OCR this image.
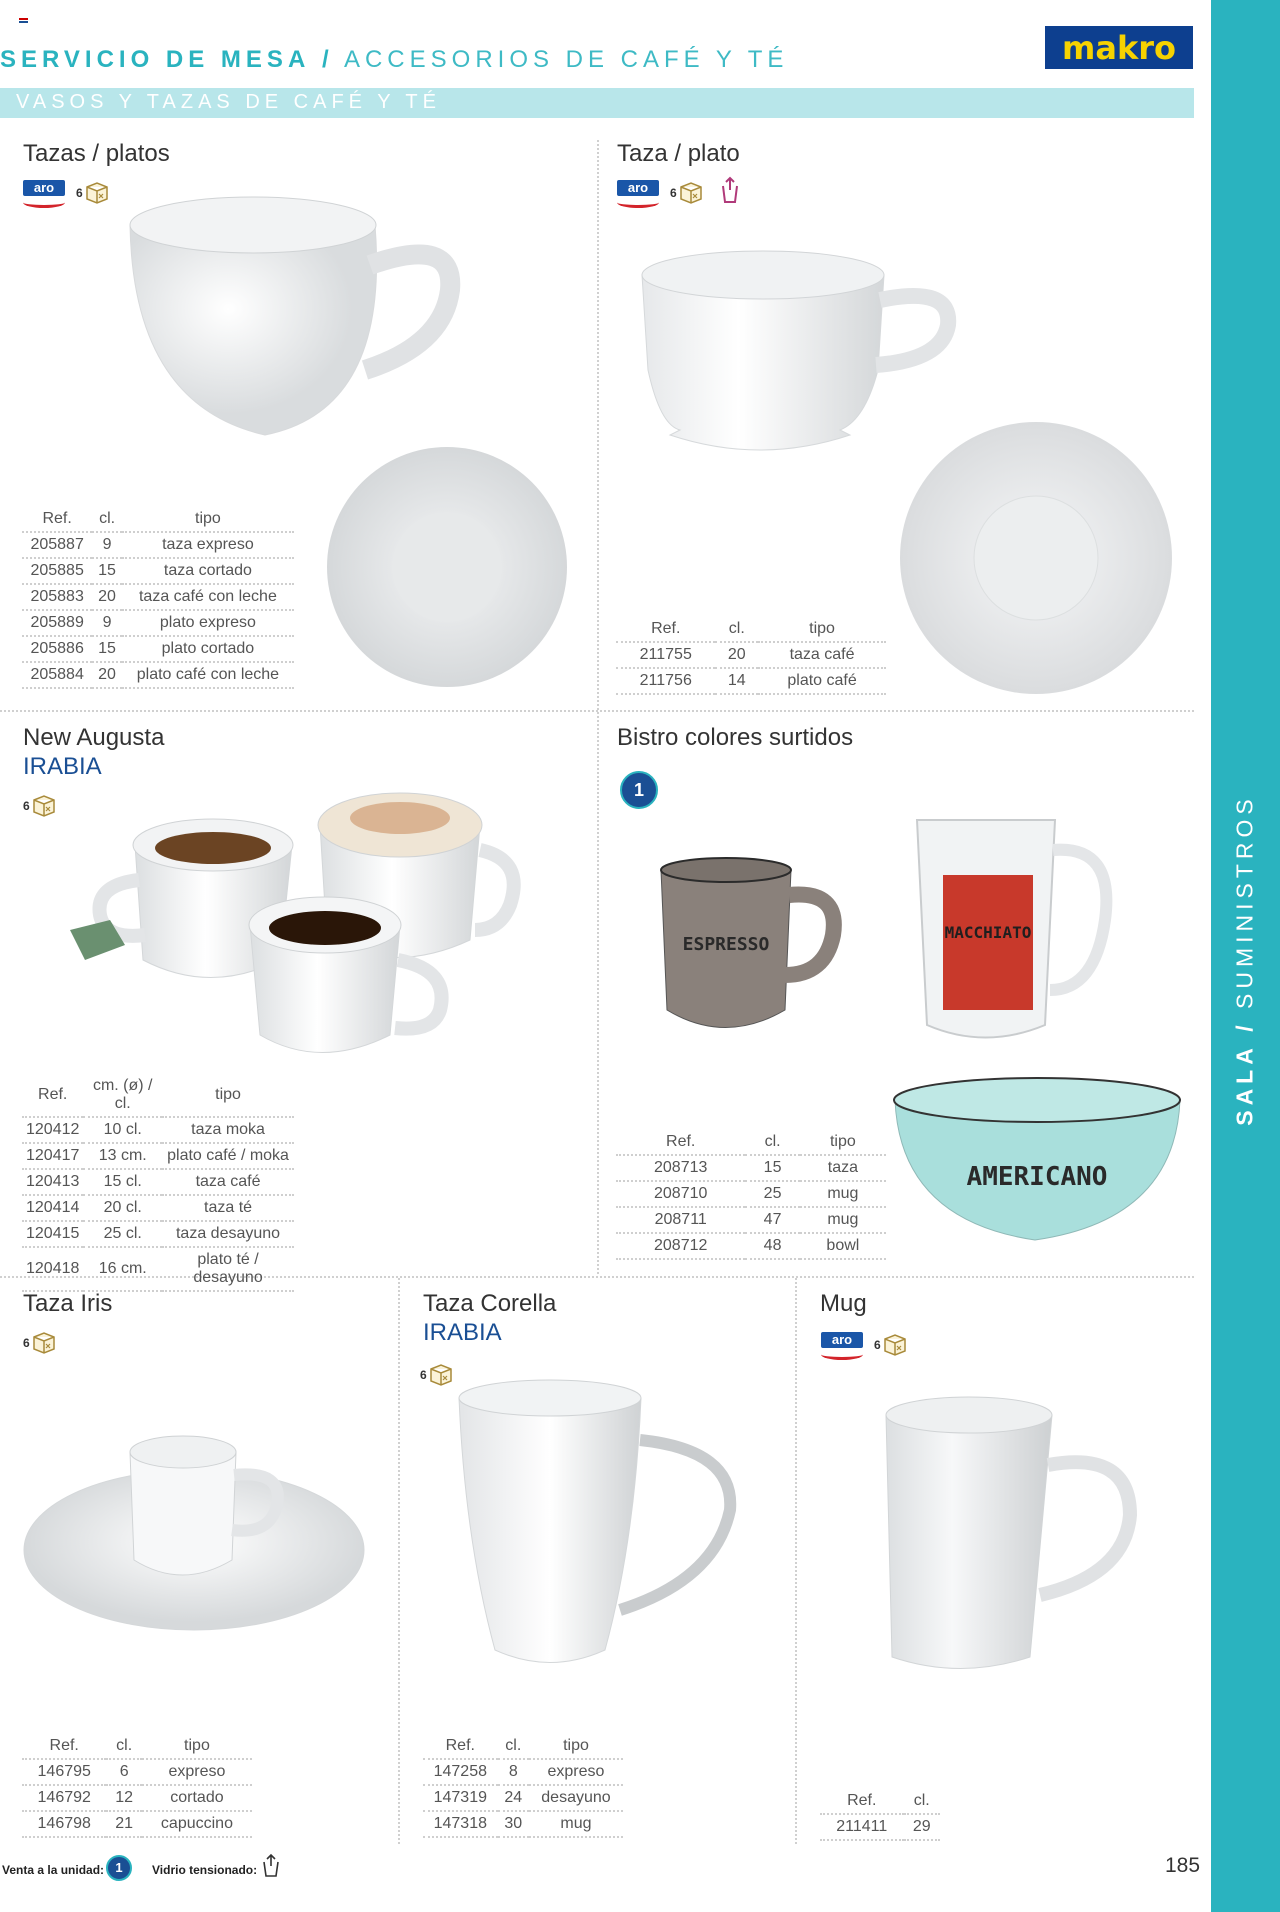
SALA / SUMINISTROS
SERVICIO DE MESA / ACCESORIOS DE CAFÉ Y TÉ
VASOS Y TAZAS DE CAFÉ Y TÉ
makro
Tazas / platos
aro	6
Ref.	cl.	tipo
205887	9	taza expreso
205885	15	taza cortado
205883	20	taza café con leche
205889	9	plato expreso
205886	15	plato cortado
205884	20	plato café con leche
Taza / plato
aro	6
Ref.	cl.	tipo
211755	20	taza café
211756	14	plato café
New Augusta
IRABIA
6
Ref.	cm. (ø) / cl.	tipo
120412	10 cl.	taza moka
120417	13 cm.	plato café / moka
120413	15 cl.	taza café
120414	20 cl.	taza té
120415	25 cl.	taza desayuno
120418	16 cm.	plato té / desayuno
Bistro colores surtidos
1
ESPRESSO
MACCHIATO
AMERICANO
Ref.	cl.	tipo
208713	15	taza
208710	25	mug
208711	47	mug
208712	48	bowl
Taza Iris
6
Ref.	cl.	tipo
146795	6	expreso
146792	12	cortado
146798	21	capuccino
Taza Corella
IRABIA
6
Ref.	cl.	tipo
147258	8	expreso
147319	24	desayuno
147318	30	mug
Mug
aro	6
Ref.	cl.
211411	29
Venta a la unidad: 1	Vidrio tensionado:	185
